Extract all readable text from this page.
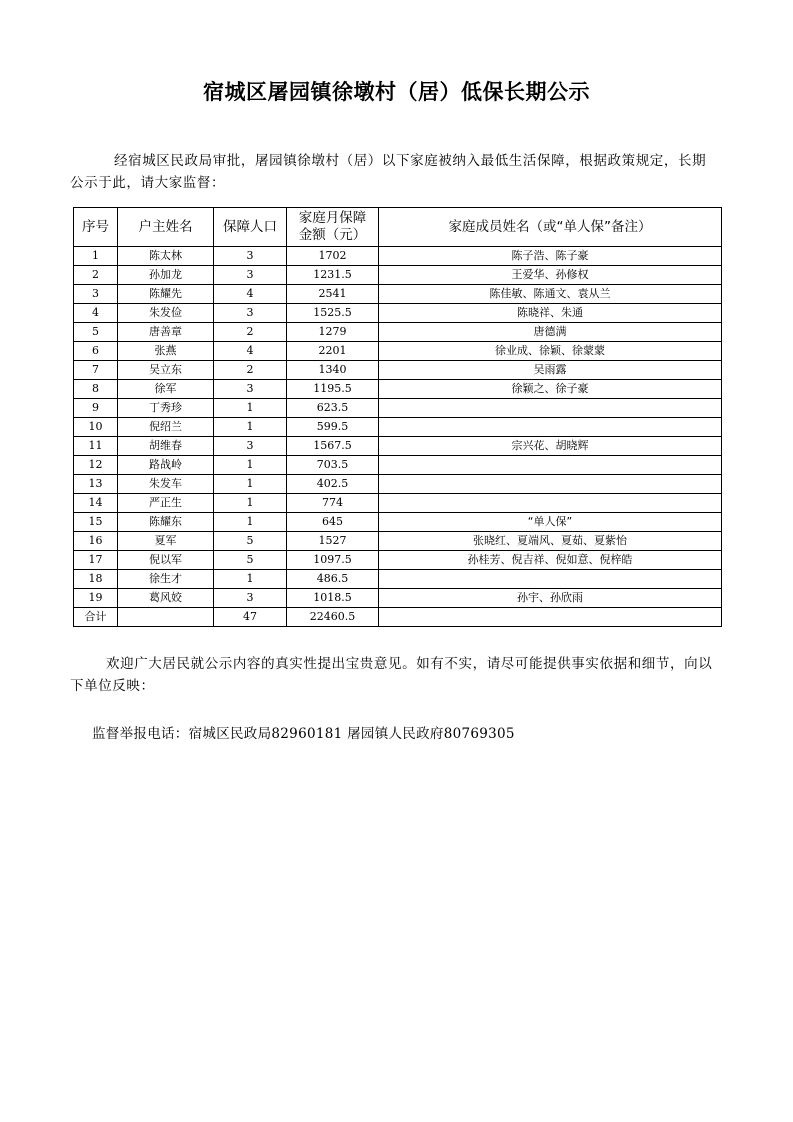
宿城区屠园镇徐墩村（居）低保长期公示
经宿城区民政局审批，屠园镇徐墩村（居）以下家庭被纳入最低生活保障，根据政策规定，长期公示于此，请大家监督：
序号	户主姓名	保障人口	家庭月保障
金额（元）	家庭成员姓名（或“单人保”备注）
1	陈太林	3	1702	陈子浩、陈子豪
2	孙加龙	3	1231.5	王爱华、孙修权
3	陈耀先	4	2541	陈佳敏、陈通文、袁从兰
4	朱发俭	3	1525.5	陈晓祥、朱通
5	唐善章	2	1279	唐德满
6	张燕	4	2201	徐业成、徐颖、徐蒙蒙
7	吴立东	2	1340	吴雨露
8	徐军	3	1195.5	徐颖之、徐子豪
9	丁秀珍	1	623.5	
10	倪绍兰	1	599.5	
11	胡维春	3	1567.5	宗兴花、胡晓辉
12	路战岭	1	703.5	
13	朱发车	1	402.5	
14	严正生	1	774	
15	陈耀东	1	645	“单人保”
16	夏军	5	1527	张晓红、夏端风、夏茹、夏紫怡
17	倪以军	5	1097.5	孙桂芳、倪吉祥、倪如意、倪梓皓
18	徐生才	1	486.5	
19	葛风姣	3	1018.5	孙宇、孙欣雨
合计		47	22460.5	
欢迎广大居民就公示内容的真实性提出宝贵意见。如有不实，请尽可能提供事实依据和细节，向以下单位反映：
监督举报电话：宿城区民政局82960181 屠园镇人民政府80769305
